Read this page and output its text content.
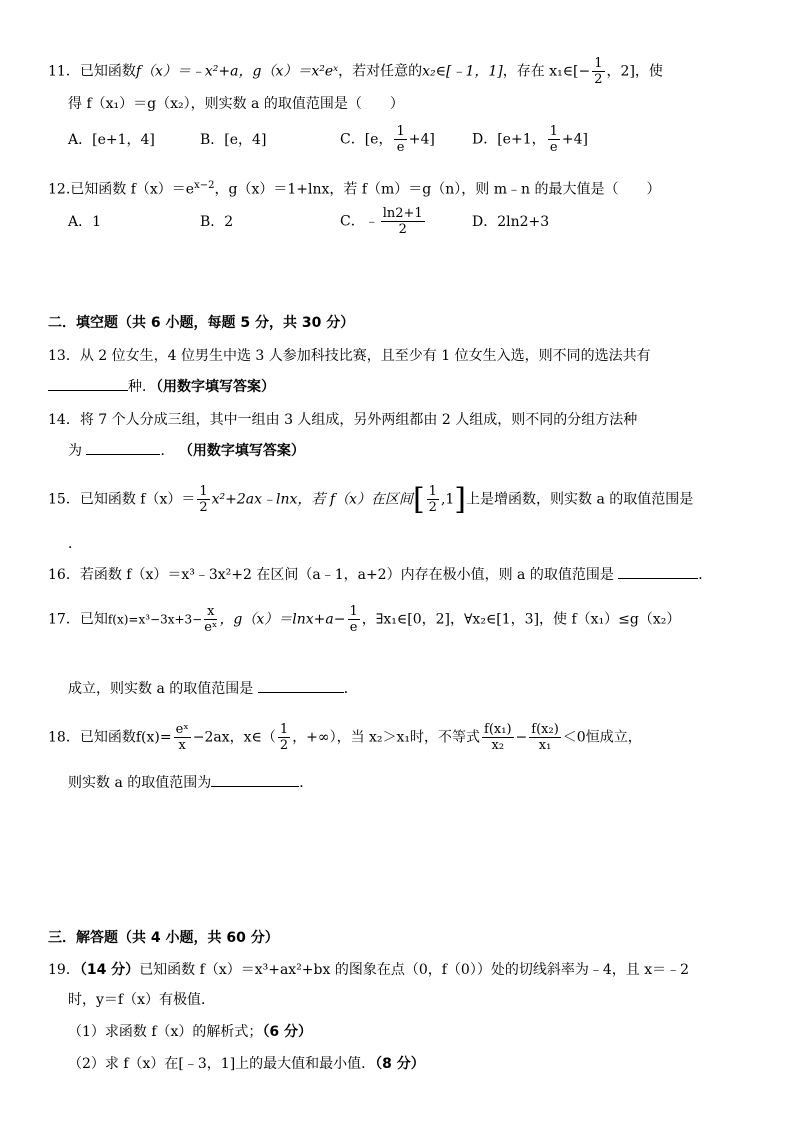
11．已知函数f（x）＝﹣x²+a，g（x）＝x²eˣ，若对任意的x₂∈[﹣1，1]，存在 x₁∈[− $\frac{1}{2}$ ，2]，使
得 f（x₁）＝g（x₂），则实数 a 的取值范围是（　　）
A．[e+1，4]	B．[e，4]	C．[e， $\frac{1}{e} +4$]	D．[e+1， $\frac{1}{e} +4$]
12.已知函数 $f(x)=e^{x-2}$，g（x）＝1+lnx，若 f（m）＝g（n），则 m﹣n 的最大值是（　　）
A．1	B．2	C．﹣ $\frac{\ln 2+1}{2}$	D．2ln2+3
二．填空题（共 6 小题，每题 5 分，共 30 分）
13．从 2 位女生，4 位男生中选 3 人参加科技比赛，且至少有 1 位女生入选，则不同的选法共有
种．（用数字填写答案）
14．将 7 个人分成三组，其中一组由 3 人组成，另外两组都由 2 人组成，则不同的分组方法种
为	． （用数字填写答案）
15．已知函数 $f(x)= \frac{1}{2}$ x²+2ax﹣lnx，若 f（x）在区间[ $\frac{1}{2} ,1$]上是增函数，则实数 a 的取值范围是
．
16．若函数 f（x）＝x³﹣3x²+2 在区间（a﹣1，a+2）内存在极小值，则 a 的取值范围是	．
17．已知$f(x)=x^3-3x+3- \frac{x}{\text{eˣ}}$ ，$g(x)=\ln x+a- \frac{1}{e}$ ，∃x₁∈[0，2]，∀x₂∈[1，3]，使 f（x₁）≤g（x₂）
成立，则实数 a 的取值范围是	．
18．已知函数$f(x)= \frac{\text{eˣ}}{x} -2ax$，x∈（ $\frac{1}{2}$ ，+∞），当 x₂＞x₁时，不等式 $\frac{\text{f(x₁)}}{\text{x₂}} - \frac{\text{f(x₂)}}{\text{x₁}} <0$恒成立，
则实数 a 的取值范围为	．
三．解答题（共 4 小题，共 60 分）
19．（14 分）已知函数 f（x）＝x³+ax²+bx 的图象在点（0，f（0））处的切线斜率为﹣4，且 x＝﹣2
时，y＝f（x）有极值．
（1）求函数 f（x）的解析式；（6 分）
（2）求 f（x）在[﹣3，1]上的最大值和最小值．（8 分）
